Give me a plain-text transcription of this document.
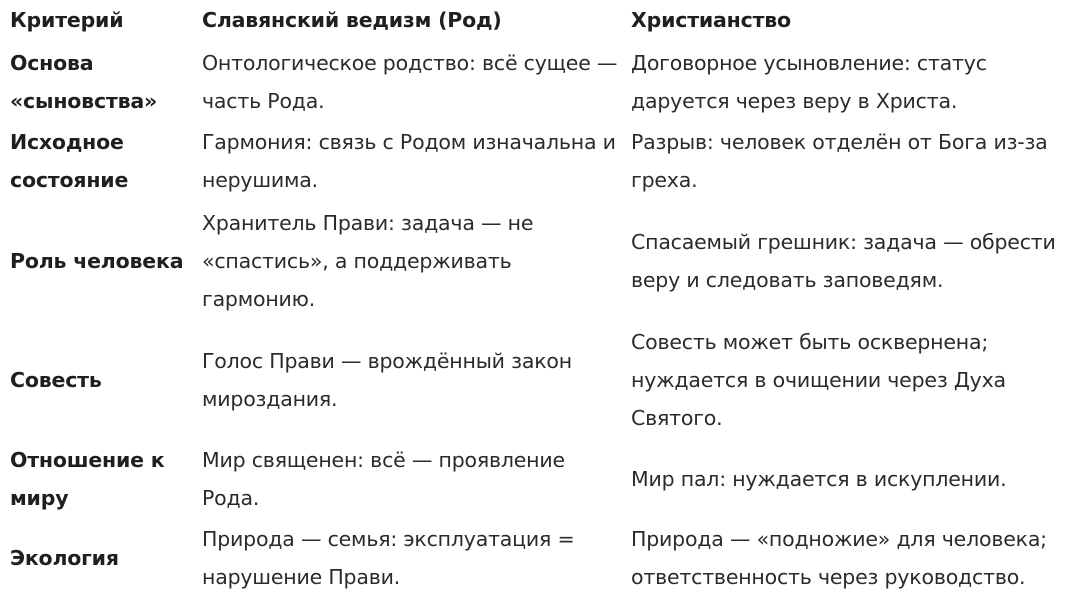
Критерий	Славянский ведизм (Род)	Христианство
Основа «сыновства»
Онтологическое родство: всё сущее — часть Рода.
Договорное усыновление: статус даруется через веру в Христа.
Исходное состояние
Гармония: связь с Родом изначальна и нерушима.
Разрыв: человек отделён от Бога из-за греха.
Роль человека
Хранитель Прави: задача — не «спастись», а поддерживать гармонию.
Спасаемый грешник: задача — обрести веру и следовать заповедям.
Совесть
Голос Прави — врождённый закон мироздания.
Совесть может быть осквернена; нуждается в очищении через Духа Святого.
Отношение к миру
Мир священен: всё — проявление Рода.
Мир пал: нуждается в искуплении.
Экология
Природа — семья: эксплуатация = нарушение Прави.
Природа — «подножие» для человека; ответственность через руководство.
